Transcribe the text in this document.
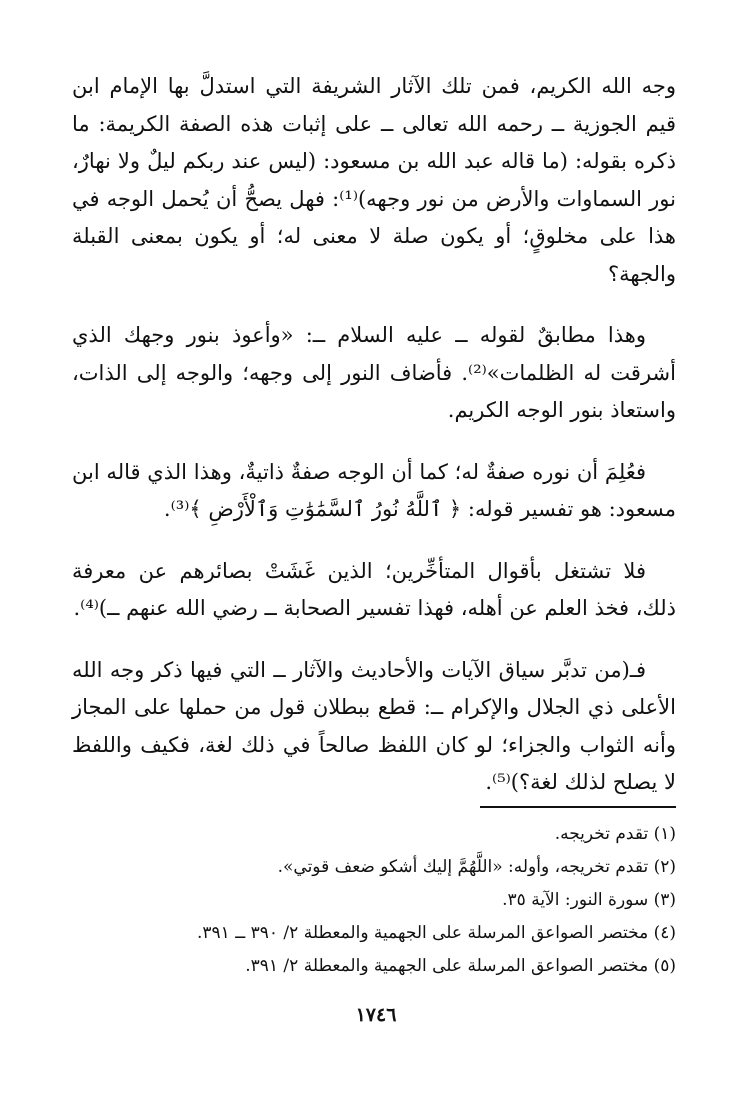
وجه الله الكريم، فمن تلك الآثار الشريفة التي استدلَّ بها الإمام ابن قيم الجوزية ــ رحمه الله تعالى ــ على إثبات هذه الصفة الكريمة: ما ذكره بقوله: (ما قاله عبد الله بن مسعود: (ليس عند ربكم ليلٌ ولا نهارٌ، نور السماوات والأرض من نور وجهه)⁽¹⁾: فهل يصحُّ أن يُحمل الوجه في هذا على مخلوقٍ؛ أو يكون صلة لا معنى له؛ أو يكون بمعنى القبلة والجهة؟

وهذا مطابقٌ لقوله ــ عليه السلام ــ: «وأعوذ بنور وجهك الذي أشرقت له الظلمات»⁽²⁾. فأضاف النور إلى وجهه؛ والوجه إلى الذات، واستعاذ بنور الوجه الكريم.

فعُلِمَ أن نوره صفةٌ له؛ كما أن الوجه صفةٌ ذاتيةٌ، وهذا الذي قاله ابن مسعود: هو تفسير قوله: ﴿ ٱللَّهُ نُورُ ٱلسَّمَٰوَٰتِ وَٱلْأَرْضِ ﴾⁽³⁾.

فلا تشتغل بأقوال المتأخِّرين؛ الذين غَشَتْ بصائرهم عن معرفة ذلك، فخذ العلم عن أهله، فهذا تفسير الصحابة ــ رضي الله عنهم ــ)⁽⁴⁾.

فـ(من تدبَّر سياق الآيات والأحاديث والآثار ــ التي فيها ذكر وجه الله الأعلى ذي الجلال والإكرام ــ: قطع ببطلان قول من حملها على المجاز وأنه الثواب والجزاء؛ لو كان اللفظ صالحاً في ذلك لغة، فكيف واللفظ لا يصلح لذلك لغة؟)⁽⁵⁾.

(١) تقدم تخريجه.

(٢) تقدم تخريجه، وأوله: «اللَّهُمَّ إليك أشكو ضعف قوتي».

(٣) سورة النور: الآية ٣٥.

(٤) مختصر الصواعق المرسلة على الجهمية والمعطلة ٢/ ٣٩٠ ــ ٣٩١.

(٥) مختصر الصواعق المرسلة على الجهمية والمعطلة ٢/ ٣٩١.

١٧٤٦
